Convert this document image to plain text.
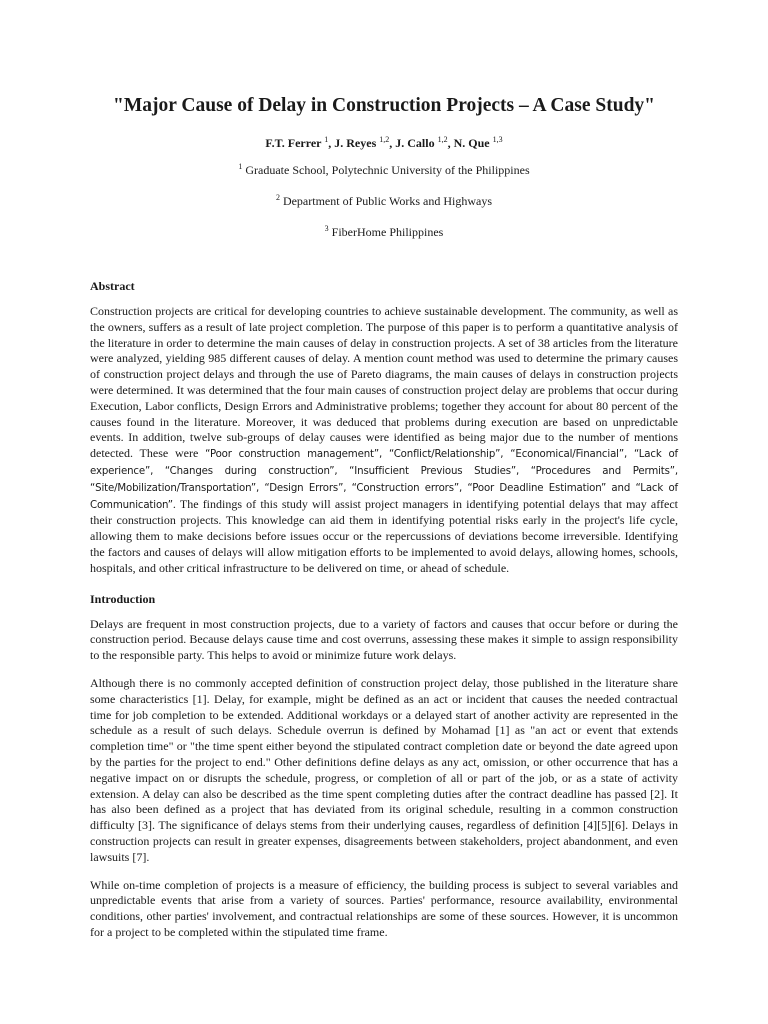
"Major Cause of Delay in Construction Projects – A Case Study"
F.T. Ferrer $^1$, J. Reyes $^{1,2}$, J. Callo $^{1,2}$, N. Que $^{1,3}$
$^1$ Graduate School, Polytechnic University of the Philippines
$^2$ Department of Public Works and Highways
$^3$ FiberHome Philippines
Abstract

Construction projects are critical for developing countries to achieve sustainable development. The community, as well as the owners, suffers as a result of late project completion. The purpose of this paper is to perform a quantitative analysis of the literature in order to determine the main causes of delay in construction projects. A set of 38 articles from the literature were analyzed, yielding 985 different causes of delay. A mention count method was used to determine the primary causes of construction project delays and through the use of Pareto diagrams, the main causes of delays in construction projects were determined. It was determined that the four main causes of construction project delay are problems that occur during Execution, Labor conflicts, Design Errors and Administrative problems; together they account for about 80 percent of the causes found in the literature. Moreover, it was deduced that problems during execution are based on unpredictable events. In addition, twelve sub-groups of delay causes were identified as being major due to the number of mentions detected. These were “Poor construction management”, “Conflict/Relationship”, “Economical/Financial”, “Lack of experience”, “Changes during construction”, “Insufficient Previous Studies”, “Procedures and Permits”, “Site/Mobilization/Transportation”, “Design Errors”, “Construction errors”, “Poor Deadline Estimation” and “Lack of Communication”. The findings of this study will assist project managers in identifying potential delays that may affect their construction projects. This knowledge can aid them in identifying potential risks early in the project's life cycle, allowing them to make decisions before issues occur or the repercussions of deviations become irreversible. Identifying the factors and causes of delays will allow mitigation efforts to be implemented to avoid delays, allowing homes, schools, hospitals, and other critical infrastructure to be delivered on time, or ahead of schedule.

Introduction

Delays are frequent in most construction projects, due to a variety of factors and causes that occur before or during the construction period. Because delays cause time and cost overruns, assessing these makes it simple to assign responsibility to the responsible party. This helps to avoid or minimize future work delays.

Although there is no commonly accepted definition of construction project delay, those published in the literature share some characteristics [1]. Delay, for example, might be defined as an act or incident that causes the needed contractual time for job completion to be extended. Additional workdays or a delayed start of another activity are represented in the schedule as a result of such delays. Schedule overrun is defined by Mohamad [1] as "an act or event that extends completion time" or "the time spent either beyond the stipulated contract completion date or beyond the date agreed upon by the parties for the project to end." Other definitions define delays as any act, omission, or other occurrence that has a negative impact on or disrupts the schedule, progress, or completion of all or part of the job, or as a state of activity extension. A delay can also be described as the time spent completing duties after the contract deadline has passed [2]. It has also been defined as a project that has deviated from its original schedule, resulting in a common construction difficulty [3]. The significance of delays stems from their underlying causes, regardless of definition [4][5][6]. Delays in construction projects can result in greater expenses, disagreements between stakeholders, project abandonment, and even lawsuits [7].

While on-time completion of projects is a measure of efficiency, the building process is subject to several variables and unpredictable events that arise from a variety of sources. Parties' performance, resource availability, environmental conditions, other parties' involvement, and contractual relationships are some of these sources. However, it is uncommon for a project to be completed within the stipulated time frame.
